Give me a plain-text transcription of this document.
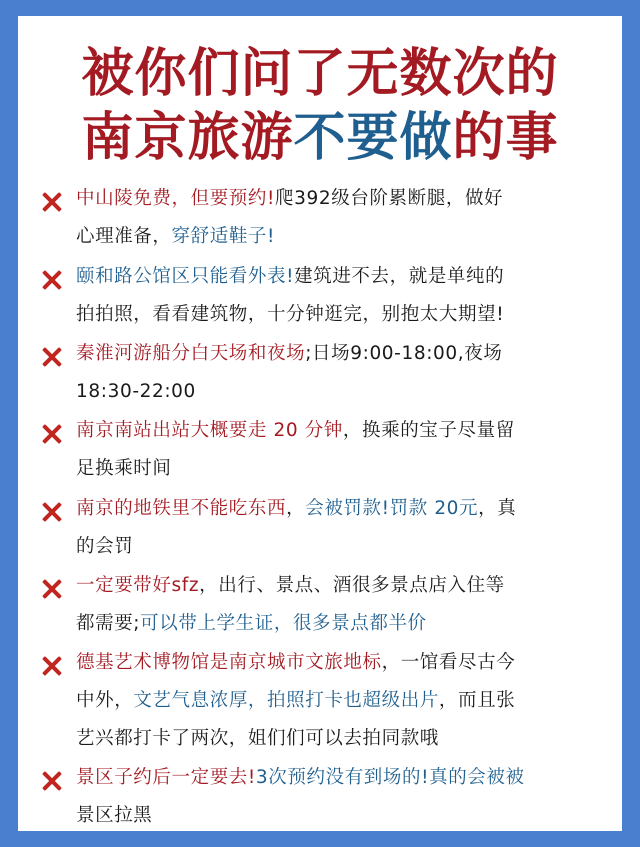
被你们问了无数次的
南京旅游不要做的事
中山陵免费，但要预约!爬392级台阶累断腿，做好
心理准备，穿舒适鞋子!
颐和路公馆区只能看外表!建筑进不去，就是单纯的
拍拍照，看看建筑物，十分钟逛完，别抱太大期望!
秦淮河游船分白天场和夜场;日场9:00-18:00,夜场
18:30-22:00
南京南站出站大概要走 20 分钟，换乘的宝子尽量留
足换乘时间
南京的地铁里不能吃东西，会被罚款!罚款 20元，真
的会罚
一定要带好sfz，出行、景点、酒很多景点店入住等
都需要;可以带上学生证，很多景点都半价
德基艺术博物馆是南京城市文旅地标，一馆看尽古今
中外，文艺气息浓厚，拍照打卡也超级出片，而且张
艺兴都打卡了两次，姐们们可以去拍同款哦
景区子约后一定要去!3次预约没有到场的!真的会被被
景区拉黑
